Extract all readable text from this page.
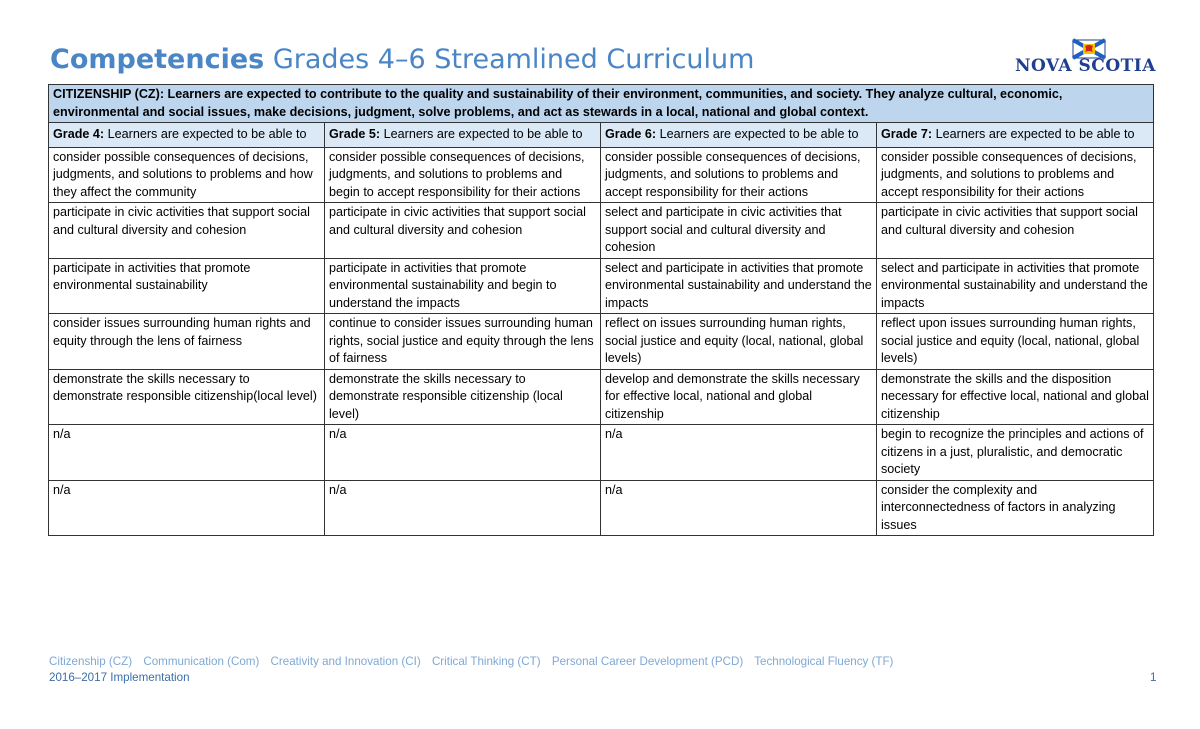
Competencies Grades 4–6 Streamlined Curriculum	NOVA SCOTIA
CITIZENSHIP (CZ): Learners are expected to contribute to the quality and sustainability of their environment, communities, and society. They analyze cultural, economic, environmental and social issues, make decisions, judgment, solve problems, and act as stewards in a local, national and global context.			
Grade 4: Learners are expected to be able to	Grade 5: Learners are expected to be able to	Grade 6: Learners are expected to be able to	Grade 7: Learners are expected to be able to
consider possible consequences of decisions, judgments, and solutions to problems and how they affect the community	consider possible consequences of decisions, judgments, and solutions to problems and begin to accept responsibility for their actions	consider possible consequences of decisions, judgments, and solutions to problems and accept responsibility for their actions	consider possible consequences of decisions, judgments, and solutions to problems and accept responsibility for their actions
participate in civic activities that support social and cultural diversity and cohesion	participate in civic activities that support social and cultural diversity and cohesion	select and participate in civic activities that support social and cultural diversity and cohesion	participate in civic activities that support social and cultural diversity and cohesion
participate in activities that promote environmental sustainability	participate in activities that promote environmental sustainability and begin to understand the impacts	select and participate in activities that promote environmental sustainability and understand the impacts	select and participate in activities that promote environmental sustainability and understand the impacts
consider issues surrounding human rights and equity through the lens of fairness	continue to consider issues surrounding human rights, social justice and equity through the lens of fairness	reflect on issues surrounding human rights, social justice and equity (local, national, global levels)	reflect upon issues surrounding human rights, social justice and equity (local, national, global levels)
demonstrate the skills necessary to demonstrate responsible citizenship(local level)	demonstrate the skills necessary to demonstrate responsible citizenship (local level)	develop and demonstrate the skills necessary for effective local, national and global citizenship	demonstrate the skills and the disposition necessary for effective local, national and global citizenship
n/a	n/a	n/a	begin to recognize the principles and actions of citizens in a just, pluralistic, and democratic society
n/a	n/a	n/a	consider the complexity and interconnectedness of factors in analyzing issues
Citizenship (CZ) Communication (Com) Creativity and Innovation (CI) Critical Thinking (CT) Personal Career Development (PCD) Technological Fluency (TF)
2016–2017 Implementation	1
